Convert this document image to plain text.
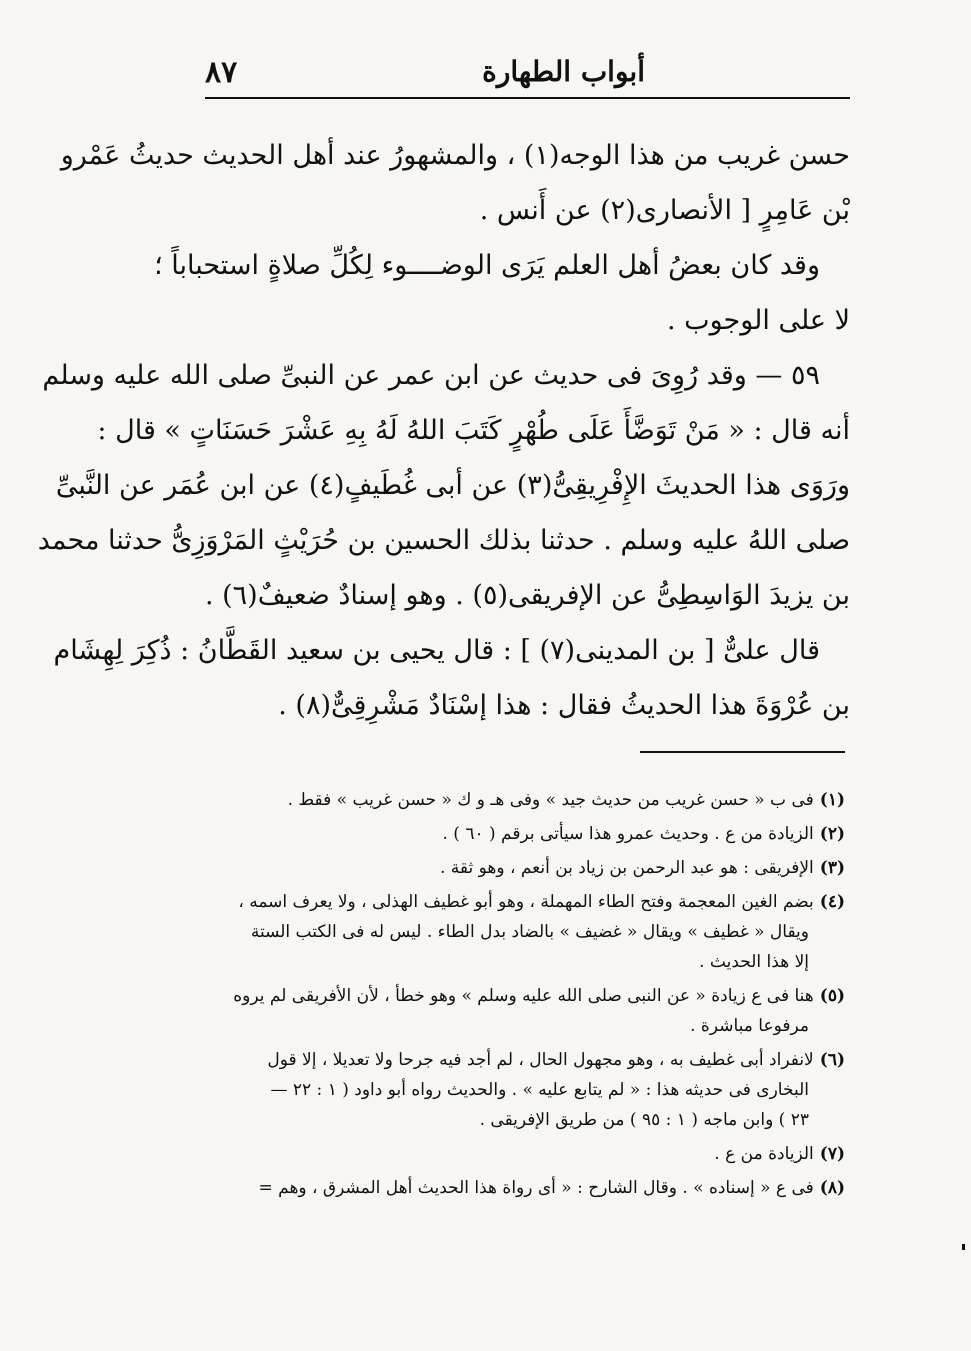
أبواب الطهارة
٨٧
حسن غريب من هذا الوجه(١) ، والمشهورُ عند أهل الحديث حديثُ عَمْرو
بْن عَامِرٍ [ الأنصارى(٢) عن أَنس .
وقد كان بعضُ أهل العلم يَرَى الوضــــوء لِكُلِّ صلاةٍ استحباباً ؛
لا على الوجوب .
٥٩ — وقد رُوِىَ فى حديث عن ابن عمر عن النبىِّ صلى الله عليه وسلم
أنه قال : « مَنْ تَوَضَّأَ عَلَى طُهْرٍ كَتَبَ اللهُ لَهُ بِهِ عَشْرَ حَسَنَاتٍ » قال :
ورَوَى هذا الحديثَ الإِفْرِيقِىُّ(٣) عن أبى غُطَيفٍ(٤) عن ابن عُمَر عن النَّبىِّ
صلى اللهُ عليه وسلم . حدثنا بذلك الحسين بن حُرَيْثٍ المَرْوَزِىُّ حدثنا محمد
بن يزيدَ الوَاسِطِىُّ عن الإفريقى(٥) . وهو إسنادٌ ضعيفٌ(٦) .
قال علىٌّ [ بن المدينى(٧) ] : قال يحيى بن سعيد القَطَّانُ : ذُكِرَ لِهِشَام
بن عُرْوَةَ هذا الحديثُ فقال : هذا إسْنَادٌ مَشْرِقِىٌّ(٨) .
(١)فى ب « حسن غريب من حديث جيد » وفى هـ و ك « حسن غريب » فقط .
(٢)الزيادة من ع . وحديث عمرو هذا سيأتى برقم ( ٦٠ ) .
(٣)الإفريقى : هو عبد الرحمن بن زياد بن أنعم ، وهو ثقة .
(٤)بضم الغين المعجمة وفتح الطاء المهملة ، وهو أبو غطيف الهذلى ، ولا يعرف اسمه ،
ويقال « غطيف » ويقال « غضيف » بالضاد بدل الطاء . ليس له فى الكتب الستة
إلا هذا الحديث .
(٥)هنا فى ع زيادة « عن النبى صلى الله عليه وسلم » وهو خطأ ، لأن الأفريقى لم يروه
مرفوعا مباشرة .
(٦)لانفراد أبى غطيف به ، وهو مجهول الحال ، لم أجد فيه جرحا ولا تعديلا ، إلا قول
البخارى فى حديثه هذا : « لم يتابع عليه » . والحديث رواه أبو داود ( ١ : ٢٢ —
٢٣ ) وابن ماجه ( ١ : ٩٥ ) من طريق الإفريقى .
(٧)الزيادة من ع .
(٨)فى ع « إسناده » . وقال الشارح : « أى رواة هذا الحديث أهل المشرق ، وهم =
